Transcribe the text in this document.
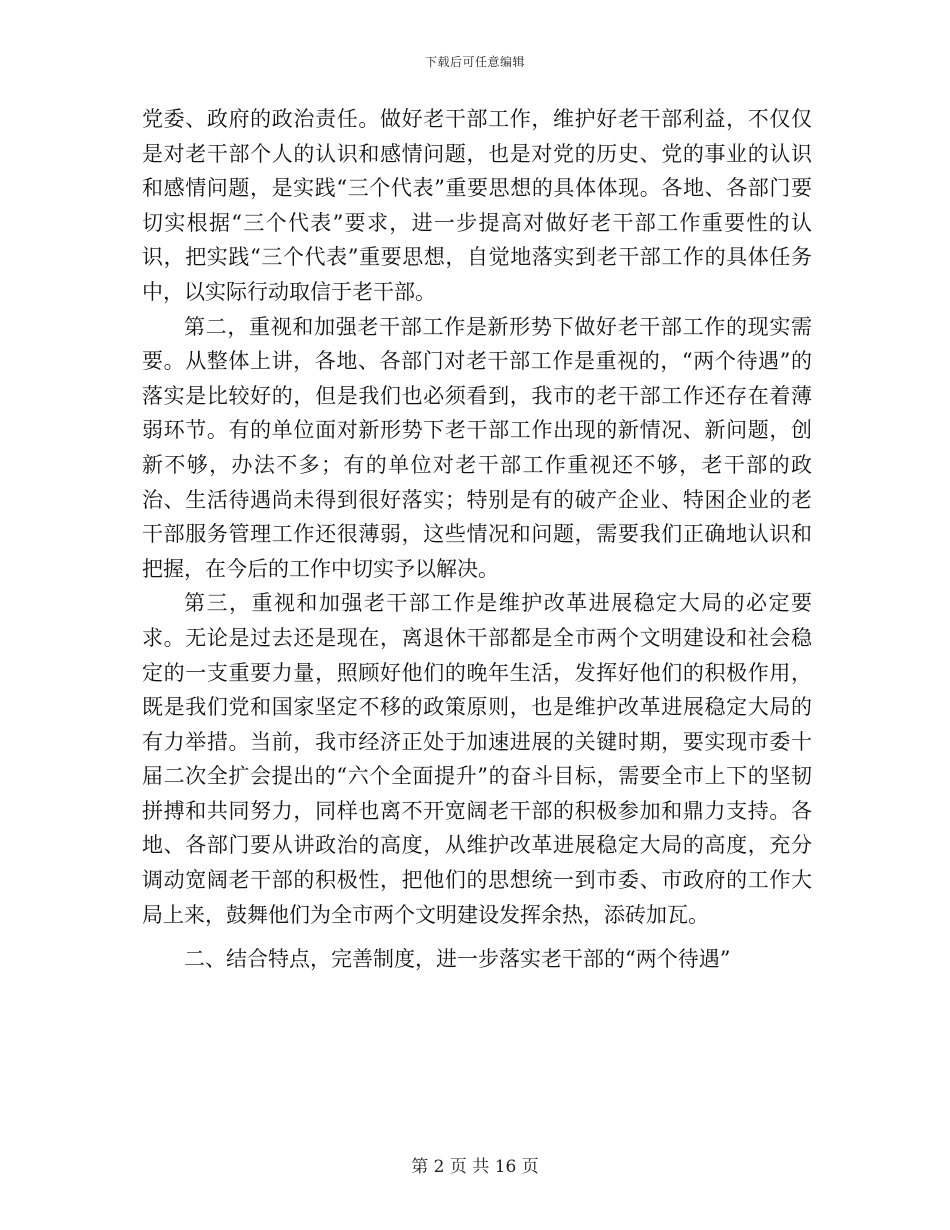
下载后可任意编辑

党委、政府的政治责任。做好老干部工作，维护好老干部利益，不仅仅是对老干部个人的认识和感情问题，也是对党的历史、党的事业的认识和感情问题，是实践“三个代表”重要思想的具体体现。各地、各部门要切实根据“三个代表”要求，进一步提高对做好老干部工作重要性的认识，把实践“三个代表”重要思想，自觉地落实到老干部工作的具体任务中，以实际行动取信于老干部。

第二，重视和加强老干部工作是新形势下做好老干部工作的现实需要。从整体上讲，各地、各部门对老干部工作是重视的，“两个待遇”的落实是比较好的，但是我们也必须看到，我市的老干部工作还存在着薄弱环节。有的单位面对新形势下老干部工作出现的新情况、新问题，创新不够，办法不多；有的单位对老干部工作重视还不够，老干部的政治、生活待遇尚未得到很好落实；特别是有的破产企业、特困企业的老干部服务管理工作还很薄弱，这些情况和问题，需要我们正确地认识和把握，在今后的工作中切实予以解决。

第三，重视和加强老干部工作是维护改革进展稳定大局的必定要求。无论是过去还是现在，离退休干部都是全市两个文明建设和社会稳定的一支重要力量，照顾好他们的晚年生活，发挥好他们的积极作用，既是我们党和国家坚定不移的政策原则，也是维护改革进展稳定大局的有力举措。当前，我市经济正处于加速进展的关键时期，要实现市委十届二次全扩会提出的“六个全面提升”的奋斗目标，需要全市上下的坚韧拼搏和共同努力，同样也离不开宽阔老干部的积极参加和鼎力支持。各地、各部门要从讲政治的高度，从维护改革进展稳定大局的高度，充分调动宽阔老干部的积极性，把他们的思想统一到市委、市政府的工作大局上来，鼓舞他们为全市两个文明建设发挥余热，添砖加瓦。

二、结合特点，完善制度，进一步落实老干部的“两个待遇”

第 2 页 共 16 页
